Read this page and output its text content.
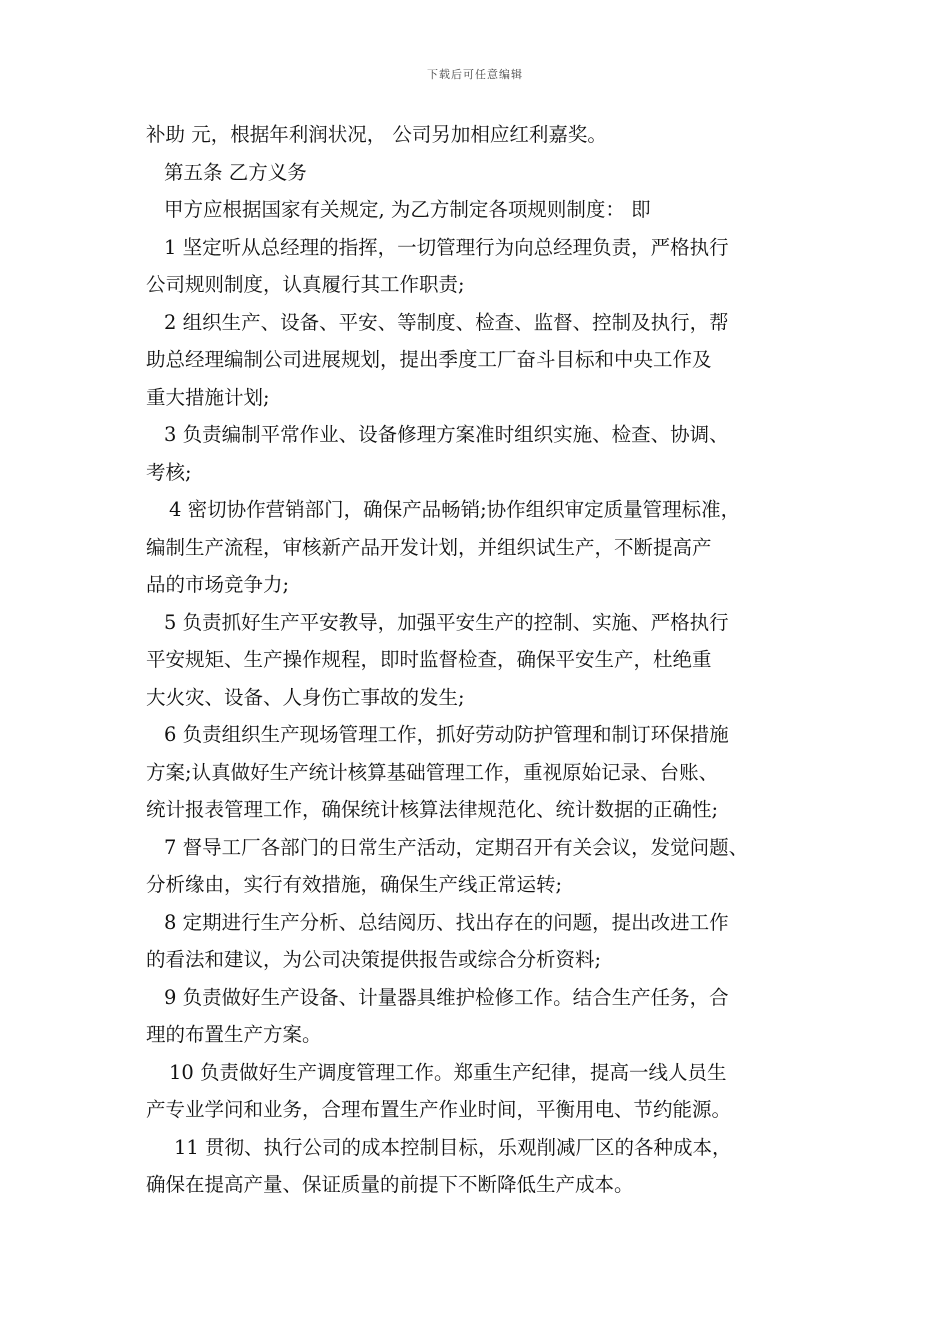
下载后可任意编辑
补助 元，根据年利润状况， 公司另加相应红利嘉奖。
第五条 乙方义务
甲方应根据国家有关规定, 为乙方制定各项规则制度： 即
1 坚定听从总经理的指挥，一切管理行为向总经理负责，严格执行
公司规则制度，认真履行其工作职责;
2 组织生产、设备、平安、等制度、检查、监督、控制及执行，帮
助总经理编制公司进展规划，提出季度工厂奋斗目标和中央工作及
重大措施计划;
3 负责编制平常作业、设备修理方案准时组织实施、检查、协调、
考核;
4 密切协作营销部门，确保产品畅销;协作组织审定质量管理标准，
编制生产流程，审核新产品开发计划，并组织试生产，不断提高产
品的市场竞争力;
5 负责抓好生产平安教导，加强平安生产的控制、实施、严格执行
平安规矩、生产操作规程，即时监督检查，确保平安生产，杜绝重
大火灾、设备、人身伤亡事故的发生;
6 负责组织生产现场管理工作，抓好劳动防护管理和制订环保措施
方案;认真做好生产统计核算基础管理工作，重视原始记录、台账、
统计报表管理工作，确保统计核算法律规范化、统计数据的正确性;
7 督导工厂各部门的日常生产活动，定期召开有关会议，发觉问题、
分析缘由，实行有效措施，确保生产线正常运转;
8 定期进行生产分析、总结阅历、找出存在的问题，提出改进工作
的看法和建议，为公司决策提供报告或综合分析资料;
9 负责做好生产设备、计量器具维护检修工作。结合生产任务，合
理的布置生产方案。
10 负责做好生产调度管理工作。郑重生产纪律，提高一线人员生
产专业学问和业务，合理布置生产作业时间，平衡用电、节约能源。
11 贯彻、执行公司的成本控制目标，乐观削减厂区的各种成本，
确保在提高产量、保证质量的前提下不断降低生产成本。
